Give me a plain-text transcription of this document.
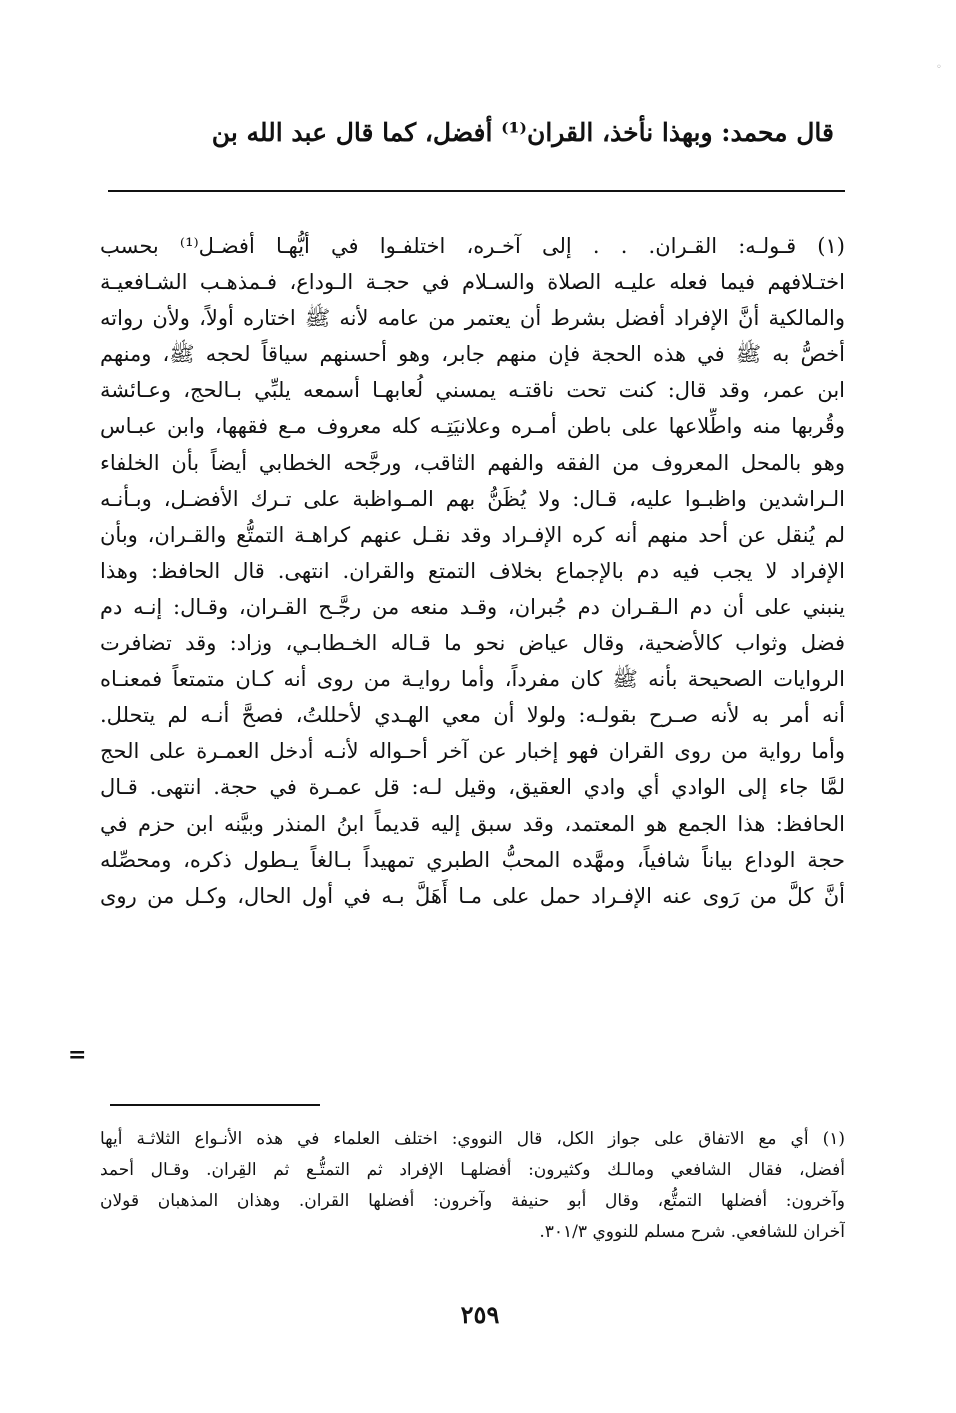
◦

قال محمد: وبهذا نأخذ، القران⁽¹⁾ أفضل، كما قال عبد الله بن

(١) قـولـه: القـران. . . إلى آخـره، اختلفـوا في أيُّهـا أفضـل⁽¹⁾ بحسب
اختـلافهم فيما فعله عليـه الصلاة والسـلام في حجـة الـوداع، فـمذهـب الشـافعيـة
والمالكية أنَّ الإفراد أفضل بشرط أن يعتمر من عامه لأنه ﷺ اختاره أولاً، ولأن رواته
أخصُّ به ﷺ في هذه الحجة فإن منهم جابر، وهو أحسنهم سياقاً لحجه ﷺ، ومنهم
ابن عمر، وقد قال: كنت تحت ناقتـه يمسني لُعابهـا أسمعه يلبِّي بـالحج، وعـائشة
وقُربها منه واطِّلاعها على باطن أمـره وعلانيَتِـه كله معروف مـع فقهها، وابن عبـاس
وهو بالمحل المعروف من الفقه والفهم الثاقب، ورجَّحه الخطابي أيضاً بأن الخلفاء
الـراشدين واظبـوا عليه، قـال: ولا يُظَنُّ بهم المـواظبة على تـرك الأفضـل، وبـأنـه
لم يُنقل عن أحد منهم أنه كره الإفـراد وقد نقـل عنهم كراهـة التمتُّع والقـران، وبأن
الإفراد لا يجب فيه دم بالإجماع بخلاف التمتع والقران. انتهى. قال الحافظ: وهذا
ينبني على أن دم الـقـران دم جُبران، وقـد منعه من رجَّـح القـران، وقـال: إنـه دم
فضل وثواب كالأضحية، وقال عياض نحو ما قـاله الخـطابـي، وزاد: وقد تضافرت
الروايات الصحيحة بأنه ﷺ كان مفرداً، وأما روايـة من روى أنه كـان متمتعاً فمعنـاه
أنه أمر به لأنه صـرح بقولـه: ولولا أن معي الهـدي لأحللتُ، فصحَّ أنـه لم يتحلل.
وأما رواية من روى القران فهو إخبار عن آخر أحـواله لأنـه أدخل العمـرة على الحج
لمَّا جاء إلى الوادي أي وادي العقيق، وقيل لـه: قل عمـرة في حجة. انتهى. قـال
الحافظ: هذا الجمع هو المعتمد، وقد سبق إليه قديماً ابنُ المنذر وبيَّنه ابن حزم في
حجة الوداع بياناً شافياً، ومهَّده المحبُّ الطبري تمهيداً بـالغاً يـطول ذكره، ومحصِّله
أنَّ كلَّ من رَوى عنه الإفـراد حمل على مـا أَهَلَّ بـه في أول الحال، وكـل من روى
=
(١) أي مع الاتفاق على جواز الكل، قال النووي: اختلف العلماء في هذه الأنـواع الثلاثـة أيها
أفضل، فقال الشافعي ومالـك وكثيرون: أفضلهـا الإفراد ثم التمتُّـع ثم القِران. وقـال أحمد
وآخرون: أفضلها التمتُّع، وقال أبو حنيفة وآخرون: أفضلها القران. وهذان المذهبان قولان
آخران للشافعي. شرح مسلم للنووي ٣٠١/٣.
٢٥٩
